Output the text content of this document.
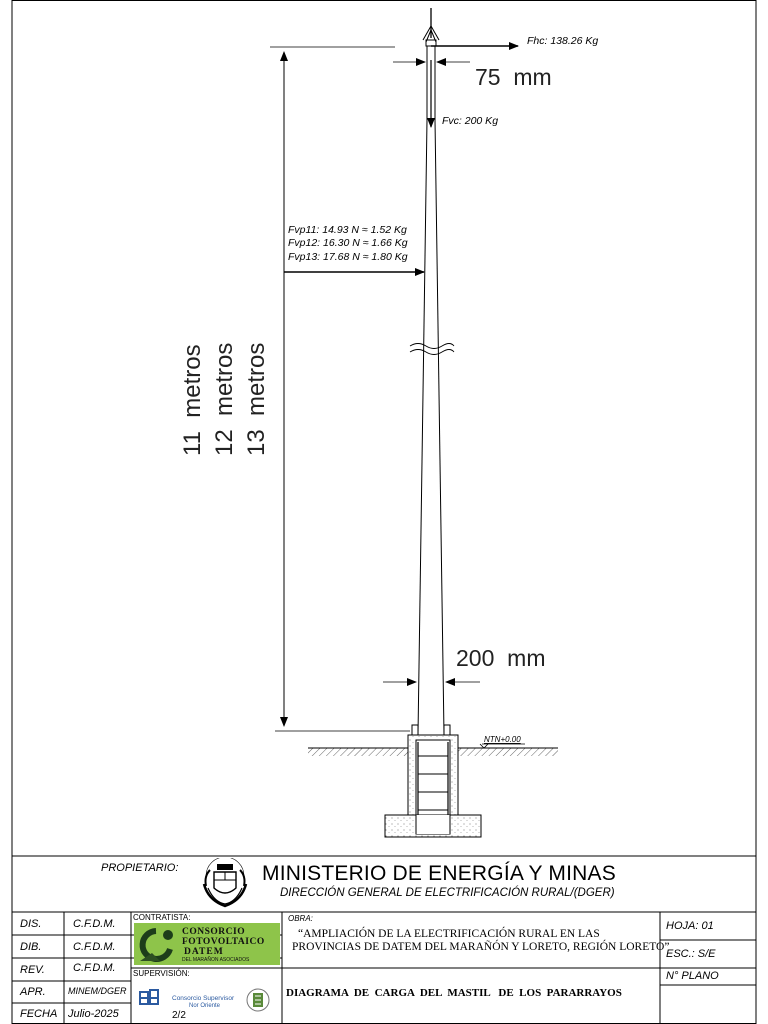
Fhc: 138.26 Kg
Fvc: 200 Kg
Fvp11: 14.93 N ≈ 1.52 Kg
Fvp12: 16.30 N ≈ 1.66 Kg
Fvp13: 17.68 N ≈ 1.80 Kg
75  mm
200  mm
11  metros 12  metros 13  metros
NTN+0.00
PROPIETARIO:	MINISTERIO DE ENERGÍA Y MINAS
DIRECCIÓN GENERAL DE ELECTRIFICACIÓN RURAL/(DGER)
DIS.	C.F.D.M.
DIB.	C.F.D.M.
REV.	C.F.D.M.
APR. MINEM/DGER
FECHA Julio-2025
CONTRATISTA:
CONSORCIO
FOTOVOLTAICO
DATEM
DEL MARAÑON ASOCIADOS
SUPERVISIÓN:
Consorcio Supervisor
Nor Oriente
2/2
OBRA:
“AMPLIACIÓN DE LA ELECTRIFICACIÓN RURAL EN LAS
PROVINCIAS DE DATEM DEL MARAÑÓN Y LORETO, REGIÓN LORETO”
HOJA: 01
ESC.: S/E
N° PLANO
DIAGRAMA  DE  CARGA  DEL  MASTIL   DE  LOS  PARARRAYOS
